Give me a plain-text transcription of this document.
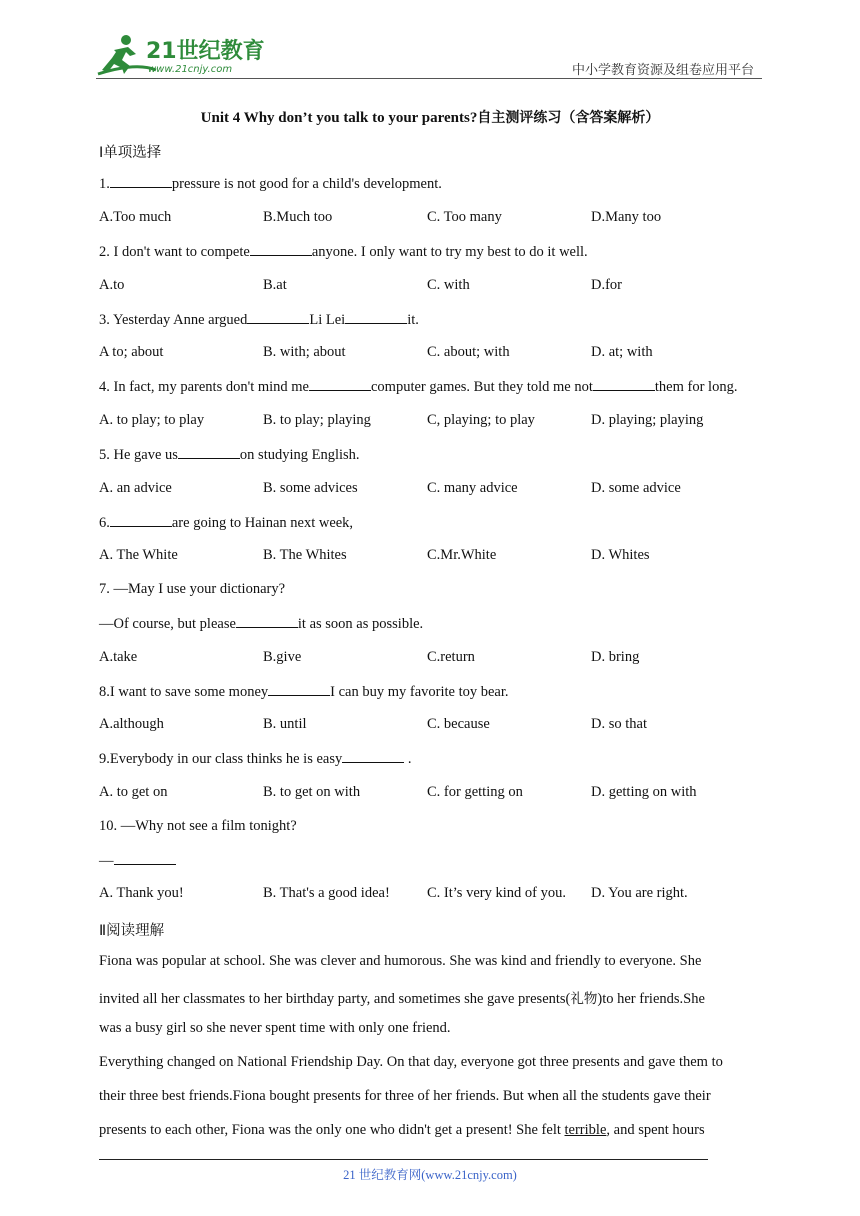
21世纪教育
www.21cnjy.com	中小学教育资源及组卷应用平台
Unit 4 Why don’t you talk to your parents?自主测评练习（含答案解析）
Ⅰ单项选择
1.	pressure is not good for a child's development.
A.Too much	B.Much too	C. Too many	D.Many too
2. I don't want to compete	anyone. I only want to try my best to do it well.
A.to	B.at	C. with	D.for
3. Yesterday Anne argued	Li Lei	it.
A to; about	B. with; about	C. about; with	D. at; with
4. In fact, my parents don't mind me	computer games. But they told me not	them for long.
A. to play; to play	B. to play; playing	C, playing; to play	D. playing; playing
5. He gave us	on studying English.
A. an advice	B. some advices	C. many advice	D. some advice
6.	are going to Hainan next week,
A. The White	B. The Whites	C.Mr.White	D. Whites
7. —May I use your dictionary?
—Of course, but please	it as soon as possible.
A.take	B.give	C.return	D. bring
8.I want to save some money	I can buy my favorite toy bear.
A.although	B. until	C. because	D. so that
9.Everybody in our class thinks he is easy	.
A. to get on	B. to get on with	C. for getting on	D. getting on with
10. —Why not see a film tonight?
—
A. Thank you!	B. That's a good idea!	C. It’s very kind of you. D. You are right.
Ⅱ阅读理解
Fiona was popular at school. She was clever and humorous. She was kind and friendly to everyone. She
invited all her classmates to her birthday party, and sometimes she gave presents(礼物)to her friends.She
was a busy girl so she never spent time with only one friend.
Everything changed on National Friendship Day. On that day, everyone got three presents and gave them to
their three best friends.Fiona bought presents for three of her friends. But when all the students gave their
presents to each other, Fiona was the only one who didn't get a present! She felt terrible, and spent hours
21 世纪教育网(www.21cnjy.com)
